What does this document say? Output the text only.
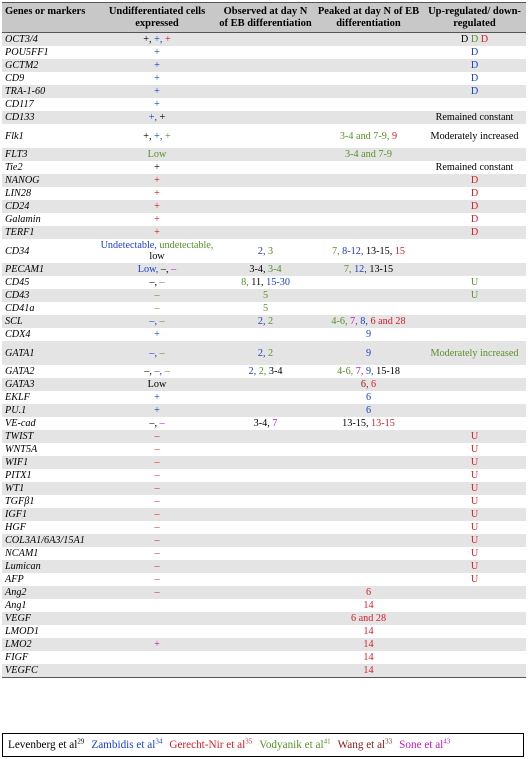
Genes or markers	Undifferentiated cells expressed	Observed at day N of EB differentiation	Peaked at day N of EB differentiation	Up-regulated/ down-regulated
OCT3/4	+, +, +			D D D
POU5FF1	+			D
GCTM2	+			D
CD9	+			D
TRA-1-60	+			D
CD117	+			
CD133	+, +			Remained constant
Flk1	+, +, +		3-4 and 7-9, 9	Moderately increased
FLT3	Low		3-4 and 7-9	
Tie2	+			Remained constant
NANOG	+			D
LIN28	+			D
CD24	+			D
Galamin	+			D
TERF1	+			D
CD34	Undetectable, undetectable, low	2, 3	7, 8-12, 13-15, 15	
PECAM1	Low, –, –	3-4, 3-4	7, 12, 13-15	
CD45	–, –	8, 11, 15-30		U
CD43	–	5		U
CD41a	–	5		
SCL	–, –	2, 2	4-6, 7, 8, 6 and 28	
CDX4	+		9	
GATA1	–, –	2, 2	9	Moderately increased
GATA2	–, –, –	2, 2, 3-4	4-6, 7, 9, 15-18	
GATA3	Low		6, 6	
EKLF	+		6	
PU.1	+		6	
VE-cad	–, –	3-4, 7	13-15, 13-15	
TWIST	–			U
WNT5A	–			U
WIF1	–			U
PITX1	–			U
WT1	–			U
TGFβ1	–			U
IGF1	–			U
HGF	–			U
COL3A1/6A3/15A1	–			U
NCAM1	–			U
Lumican	–			U
AFP	–			U
Ang2	–		6	
Ang1			14	
VEGF			6 and 28	
LMOD1			14	
LMO2	+		14	
FIGF			14	
VEGFC			14	
Levenberg et $al^{29}$ Zambidis et $al^{34}$ Gerecht-Nir et $al^{35}$ Vodyanik et $al^{41}$ Wang et $al^{33}$ Sone et $al^{43}$
